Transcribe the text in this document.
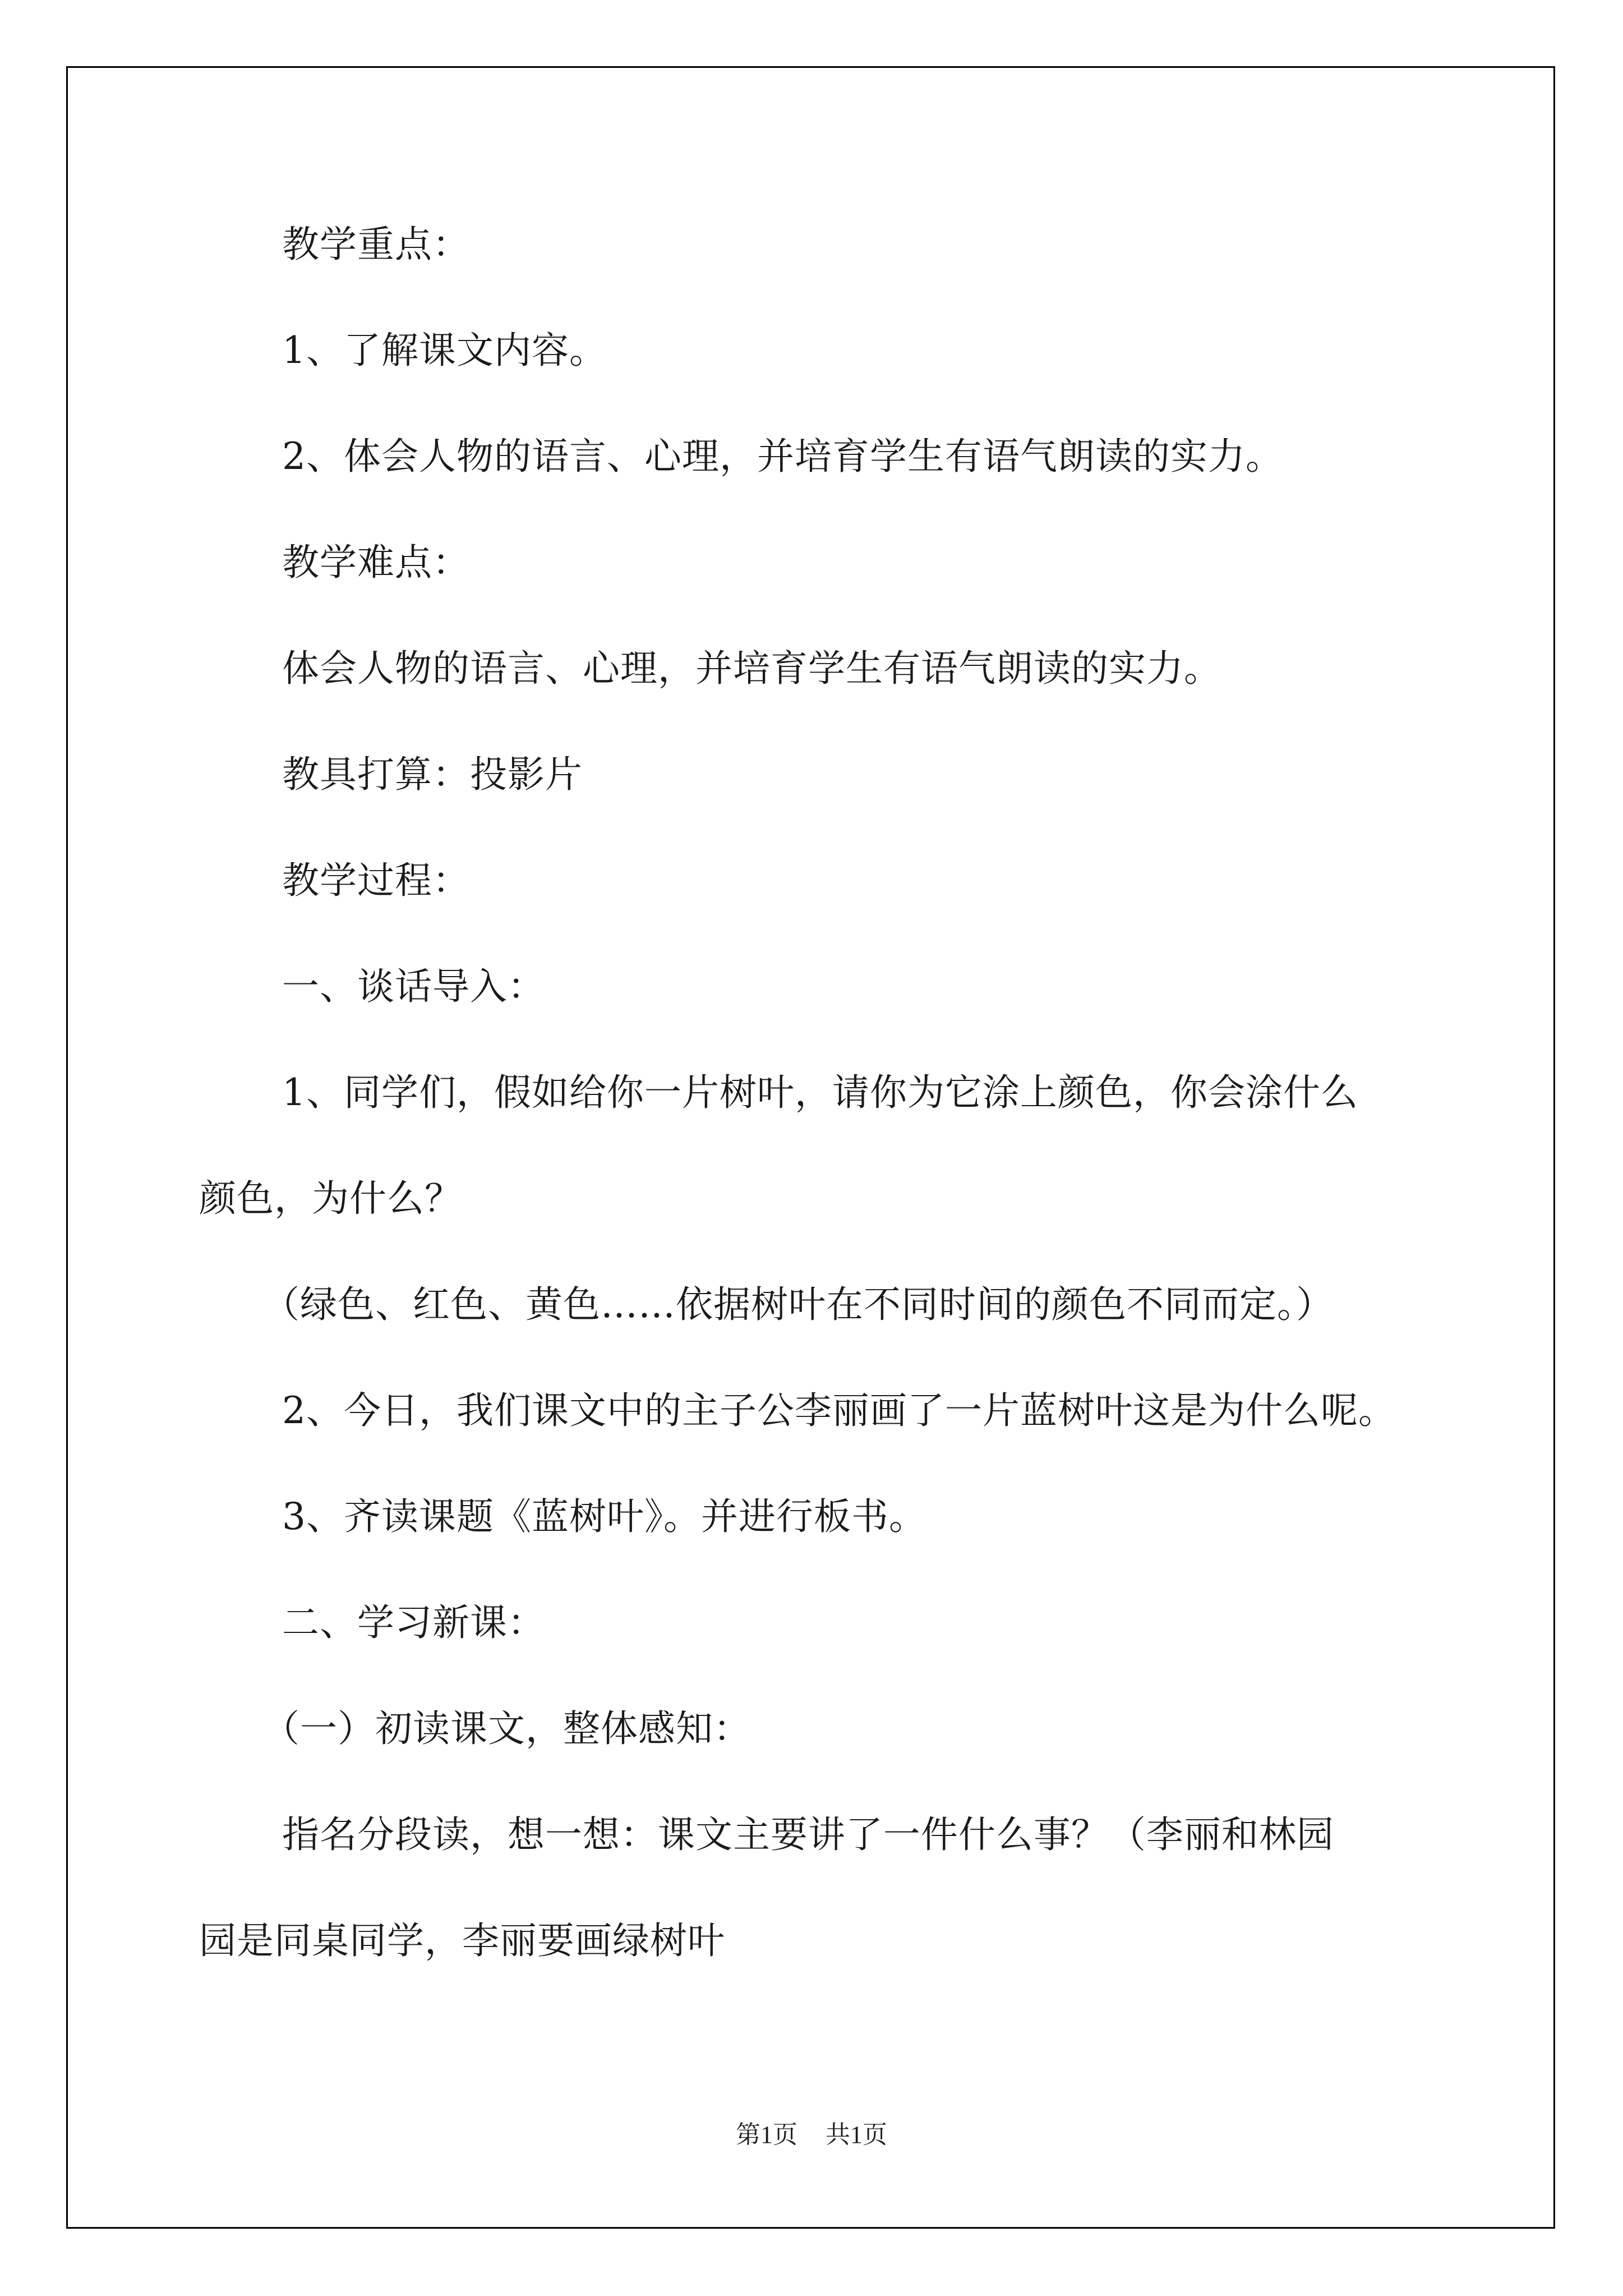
教学重点：

1、了解课文内容。

2、体会人物的语言、心理，并培育学生有语气朗读的实力。

教学难点：

体会人物的语言、心理，并培育学生有语气朗读的实力。

教具打算：投影片

教学过程：

一、谈话导入：

1、同学们，假如给你一片树叶，请你为它涂上颜色，你会涂什么

颜色，为什么？

（绿色、红色、黄色……依据树叶在不同时间的颜色不同而定。）

2、今日，我们课文中的主子公李丽画了一片蓝树叶这是为什么呢。

3、齐读课题《蓝树叶》。并进行板书。

二、学习新课：

（一）初读课文，整体感知：

指名分段读，想一想：课文主要讲了一件什么事？（李丽和林园

园是同桌同学，李丽要画绿树叶

第1页 共1页
